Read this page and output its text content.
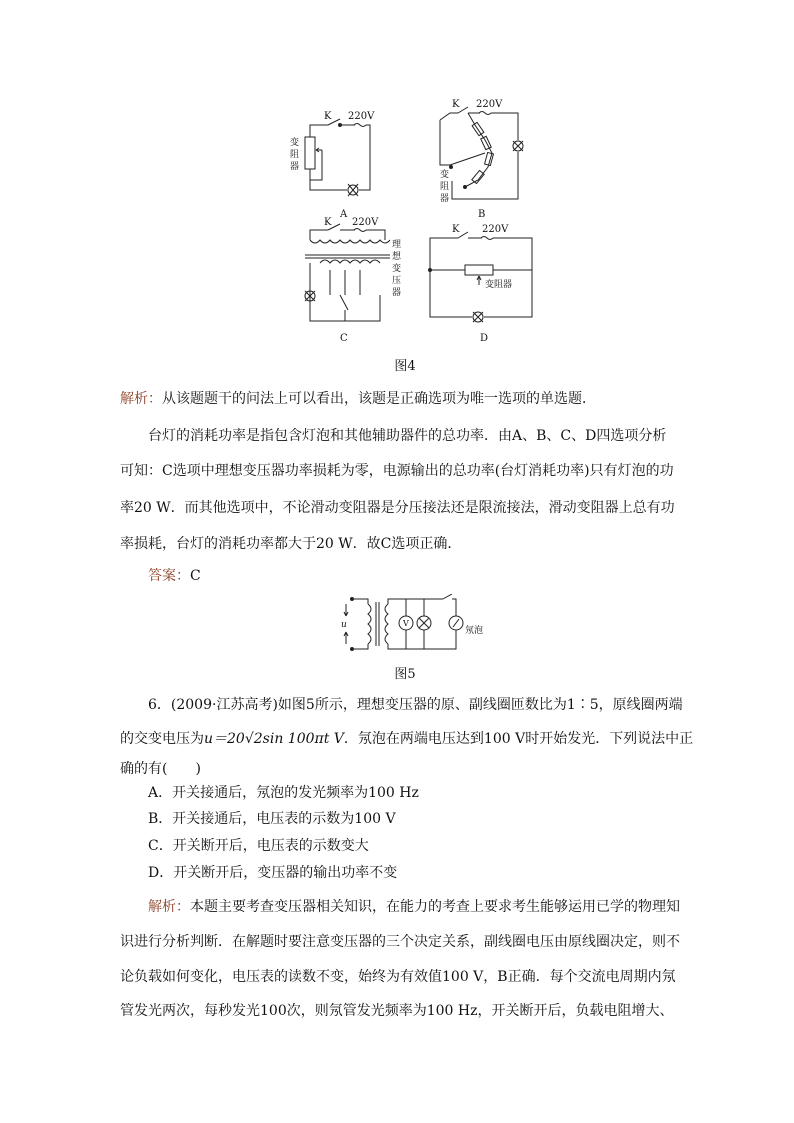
K 220V
变
阻
器
A
K 220V
变
阻
器
B
K 220V
理
想
变
压
器
C
K 220V
变阻器
D
图4
解析：从该题题干的问法上可以看出，该题是正确选项为唯一选项的单选题．
台灯的消耗功率是指包含灯泡和其他辅助器件的总功率．由A、B、C、D四选项分析
可知：C选项中理想变压器功率损耗为零，电源输出的总功率(台灯消耗功率)只有灯泡的功
率20 W．而其他选项中，不论滑动变阻器是分压接法还是限流接法，滑动变阻器上总有功
率损耗，台灯的消耗功率都大于20 W．故C选项正确．
答案：C
u	V
氖泡
图5
6．(2009·江苏高考)如图5所示，理想变压器的原、副线圈匝数比为1∶5，原线圈两端
的交变电压为u＝20√2sin 100πt V．氖泡在两端电压达到100 V时开始发光．下列说法中正
确的有(　　)
A．开关接通后，氖泡的发光频率为100 Hz
B．开关接通后，电压表的示数为100 V
C．开关断开后，电压表的示数变大
D．开关断开后，变压器的输出功率不变
解析：本题主要考查变压器相关知识，在能力的考查上要求考生能够运用已学的物理知
识进行分析判断．在解题时要注意变压器的三个决定关系，副线圈电压由原线圈决定，则不
论负载如何变化，电压表的读数不变，始终为有效值100 V，B正确．每个交流电周期内氖
管发光两次，每秒发光100次，则氖管发光频率为100 Hz，开关断开后，负载电阻增大、
